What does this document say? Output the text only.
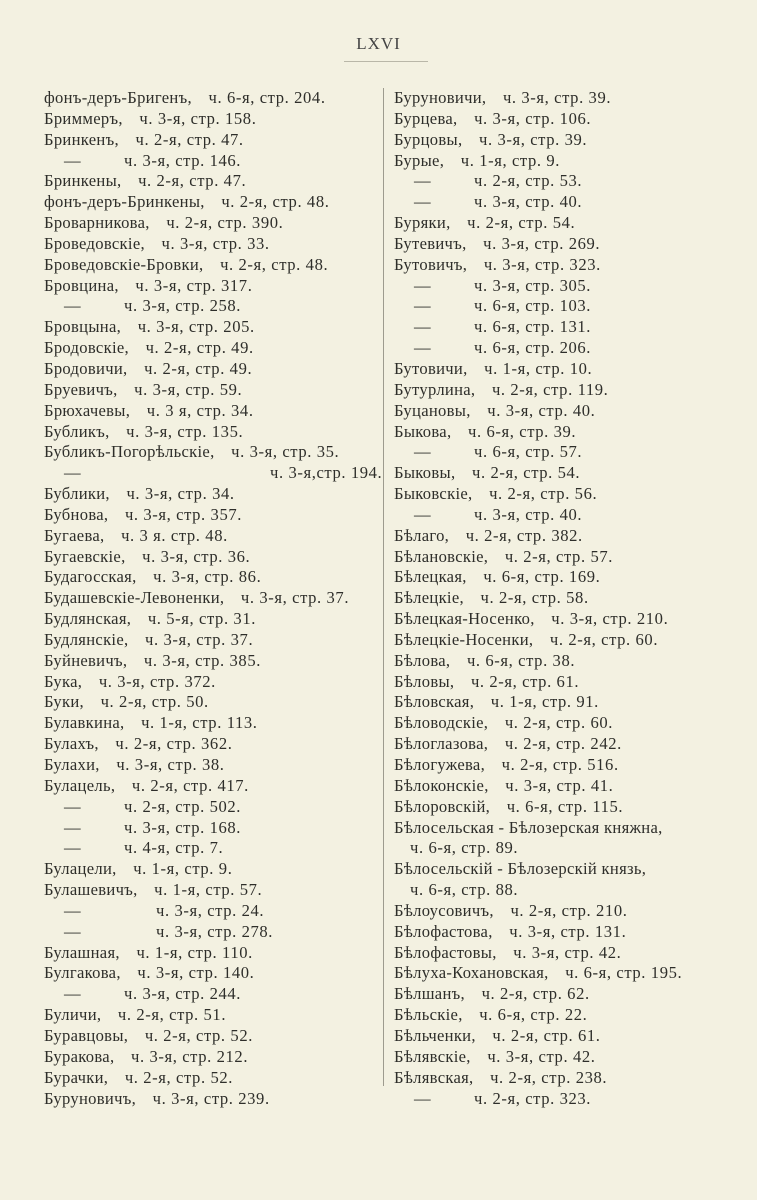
LXVI
фонъ-деръ-Бригенъ,  ч. 6-я, стр. 204.
Бриммеръ,  ч. 3-я, стр. 158.
Бринкенъ,  ч. 2-я, стр. 47.
—	ч. 3-я, стр. 146.
Бринкены,  ч. 2-я, стр. 47.
фонъ-деръ-Бринкены,  ч. 2-я, стр. 48.
Броварникова,  ч. 2-я, стр. 390.
Броведовскіе,  ч. 3-я, стр. 33.
Броведовскіе-Бровки,  ч. 2-я, стр. 48.
Бровцина,  ч. 3-я, стр. 317.
—	ч. 3-я, стр. 258.
Бровцына,  ч. 3-я, стр. 205.
Бродовскіе,  ч. 2-я, стр. 49.
Бродовичи,  ч. 2-я, стр. 49.
Бруевичъ,  ч. 3-я, стр. 59.
Брюхачевы,  ч. 3 я, стр. 34.
Бубликъ,  ч. 3-я, стр. 135.
Бубликъ-Погорѣльскіе,  ч. 3-я, стр. 35.
—	ч. 3-я,стр. 194.
Бублики,  ч. 3-я, стр. 34.
Бубнова,  ч. 3-я, стр. 357.
Бугаева,  ч. 3 я. стр. 48.
Бугаевскіе,  ч. 3-я, стр. 36.
Будагосская,  ч. 3-я, стр. 86.
Будашевскіе-Левоненки,  ч. 3-я, стр. 37.
Будлянская,  ч. 5-я, стр. 31.
Будлянскіе,  ч. 3-я, стр. 37.
Буйневичъ,  ч. 3-я, стр. 385.
Бука,  ч. 3-я, стр. 372.
Буки,  ч. 2-я, стр. 50.
Булавкина,  ч. 1-я, стр. 113.
Булахъ,  ч. 2-я, стр. 362.
Булахи,  ч. 3-я, стр. 38.
Булацель,  ч. 2-я, стр. 417.
—	ч. 2-я, стр. 502.
—	ч. 3-я, стр. 168.
—	ч. 4-я, стр. 7.
Булацели,  ч. 1-я, стр. 9.
Булашевичъ,  ч. 1-я, стр. 57.
—	ч. 3-я, стр. 24.
—	ч. 3-я, стр. 278.
Булашная,  ч. 1-я, стр. 110.
Булгакова,  ч. 3-я, стр. 140.
—	ч. 3-я, стр. 244.
Буличи,  ч. 2-я, стр. 51.
Буравцовы,  ч. 2-я, стр. 52.
Буракова,  ч. 3-я, стр. 212.
Бурачки,  ч. 2-я, стр. 52.
Буруновичъ,  ч. 3-я, стр. 239.
Буруновичи,  ч. 3-я, стр. 39.
Бурцева,  ч. 3-я, стр. 106.
Бурцовы,  ч. 3-я, стр. 39.
Бурые,  ч. 1-я, стр. 9.
—	ч. 2-я, стр. 53.
—	ч. 3-я, стр. 40.
Буряки,  ч. 2-я, стр. 54.
Бутевичъ,  ч. 3-я, стр. 269.
Бутовичъ,  ч. 3-я, стр. 323.
—	ч. 3-я, стр. 305.
—	ч. 6-я, стр. 103.
—	ч. 6-я, стр. 131.
—	ч. 6-я, стр. 206.
Бутовичи,  ч. 1-я, стр. 10.
Бутурлина,  ч. 2-я, стр. 119.
Буцановы,  ч. 3-я, стр. 40.
Быкова,  ч. 6-я, стр. 39.
—	ч. 6-я, стр. 57.
Быковы,  ч. 2-я, стр. 54.
Быковскіе,  ч. 2-я, стр. 56.
—	ч. 3-я, стр. 40.
Бѣлаго,  ч. 2-я, стр. 382.
Бѣлановскіе,  ч. 2-я, стр. 57.
Бѣлецкая,  ч. 6-я, стр. 169.
Бѣлецкіе,  ч. 2-я, стр. 58.
Бѣлецкая-Носенко,  ч. 3-я, стр. 210.
Бѣлецкіе-Носенки,  ч. 2-я, стр. 60.
Бѣлова,  ч. 6-я, стр. 38.
Бѣловы,  ч. 2-я, стр. 61.
Бѣловская,  ч. 1-я, стр. 91.
Бѣловодскіе,  ч. 2-я, стр. 60.
Бѣлоглазова,  ч. 2-я, стр. 242.
Бѣлогужева,  ч. 2-я, стр. 516.
Бѣлоконскіе,  ч. 3-я, стр. 41.
Бѣлоровскій,  ч. 6-я, стр. 115.
Бѣлосельская - Бѣлозерская княжна,
ч. 6-я, стр. 89.
Бѣлосельскій - Бѣлозерскій князь,
ч. 6-я, стр. 88.
Бѣлоусовичъ,  ч. 2-я, стр. 210.
Бѣлофастова,  ч. 3-я, стр. 131.
Бѣлофастовы,  ч. 3-я, стр. 42.
Бѣлуха-Кохановская,  ч. 6-я, стр. 195.
Бѣлшанъ,  ч. 2-я, стр. 62.
Бѣльскіе,  ч. 6-я, стр. 22.
Бѣльченки,  ч. 2-я, стр. 61.
Бѣлявскіе,  ч. 3-я, стр. 42.
Бѣлявская,  ч. 2-я, стр. 238.
—	ч. 2-я, стр. 323.
